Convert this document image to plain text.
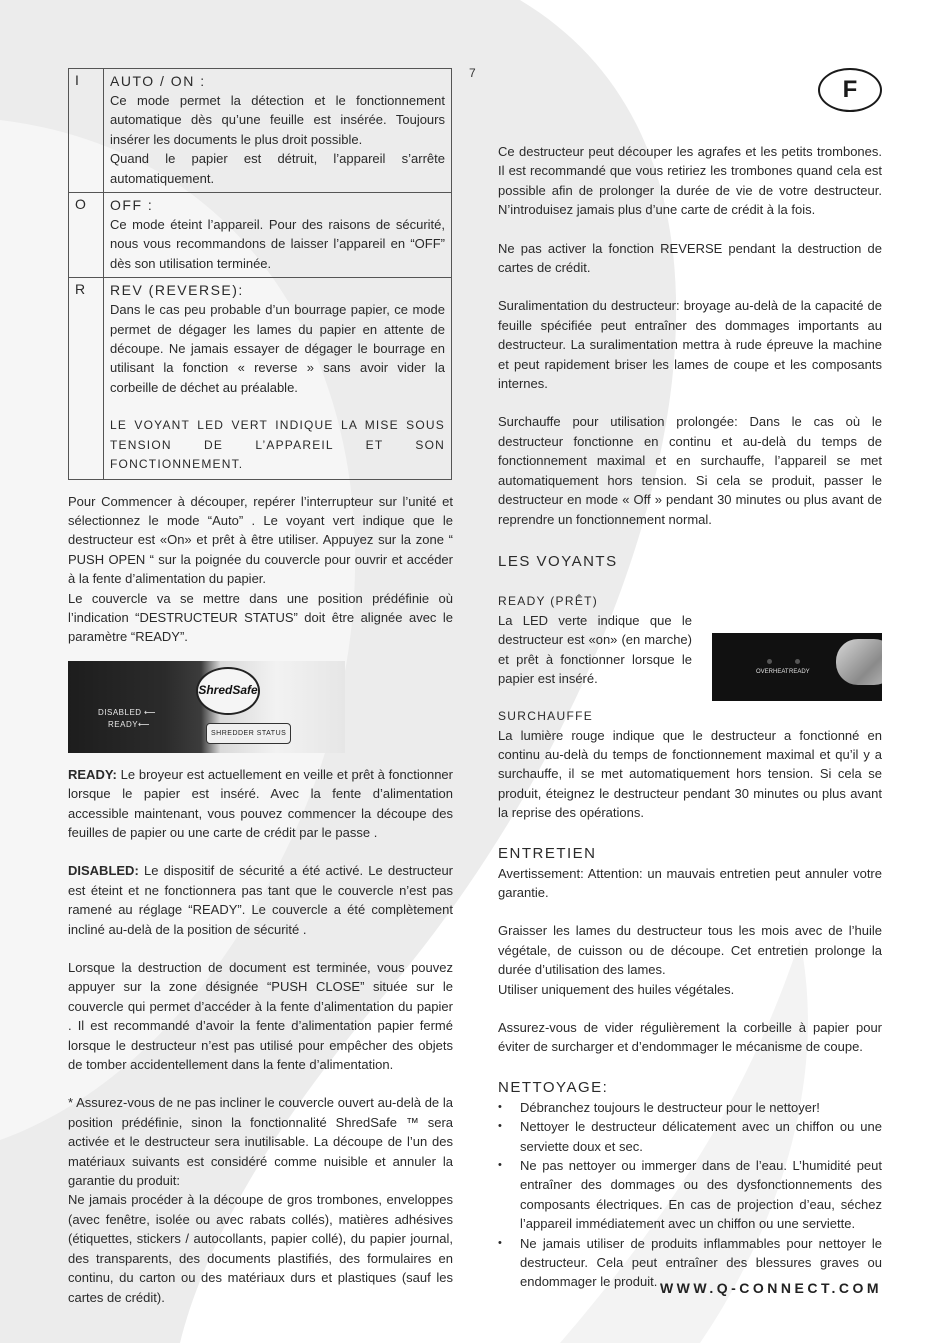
7
F
I	AUTO / ON :

Ce mode permet la détection et le fonctionnement automatique dès qu’une feuille est insérée. Toujours insérer les documents le plus droit possible.

Quand le papier est détruit, l’appareil s’arrête automatiquement.

O	OFF :

Ce mode éteint l’appareil. Pour des raisons de sécurité, nous vous recommandons de laisser l’appareil en “OFF” dès son utilisation terminée.

R	REV (REVERSE):

Dans le cas peu probable d’un bourrage papier, ce mode permet de dégager les lames du papier en attente de découpe. Ne jamais essayer de dégager le bourrage en utilisant la fonction « reverse » sans avoir vider la corbeille de déchet au préalable.

LE VOYANT LED VERT INDIQUE LA MISE SOUS TENSION DE L’APPAREIL ET SON FONCTIONNEMENT.

Pour Commencer à découper, repérer l’interrupteur sur l’unité et sélectionnez le mode “Auto” . Le voyant vert indique que le destructeur est «On» et prêt à être utiliser. Appuyez sur la zone “ PUSH OPEN “ sur la poignée du couvercle pour ouvrir et accéder à la fente d’alimentation du papier.

Le couvercle va se mettre dans une position prédéfinie où l’indication “DESTRUCTEUR STATUS” doit être alignée avec le paramètre “READY”.

DISABLED ⟵
READY ⟵
ShredSafe
SHREDDER STATUS

READY: Le broyeur est actuellement en veille et prêt à fonctionner lorsque le papier est inséré. Avec la fente d’alimentation accessible maintenant, vous pouvez commencer la découpe des feuilles de papier ou une carte de crédit par le passe .

DISABLED: Le dispositif de sécurité a été activé. Le destructeur est éteint et ne fonctionnera pas tant que le couvercle n’est pas ramené au réglage “READY”. Le couvercle a été complètement incliné au-delà de la position de sécurité .

Lorsque la destruction de document est terminée, vous pouvez appuyer sur la zone désignée “PUSH CLOSE” située sur le couvercle qui permet d’accéder à la fente d’alimentation du papier . Il est recommandé d’avoir la fente d’alimentation papier fermé lorsque le destructeur n’est pas utilisé pour empêcher des objets de tomber accidentellement dans la fente d’alimentation.

* Assurez-vous de ne pas incliner le couvercle ouvert au-delà de la position prédéfinie, sinon la fonctionnalité ShredSafe ™ sera activée et le destructeur sera inutilisable. La découpe de l’un des matériaux suivants est considéré comme nuisible et annuler la garantie du produit:

Ne jamais procéder à la découpe de gros trombones, enveloppes (avec fenêtre, isolée ou avec rabats collés), matières adhésives (étiquettes, stickers / autocollants, papier collé), du papier journal, des transparents, des documents plastifiés, des formulaires en continu, du carton ou des matériaux durs et plastiques (sauf les cartes de crédit).

Ce destructeur peut découper les agrafes et les petits trombones. Il est recommandé que vous retiriez les trombones quand cela est possible afin de prolonger la durée de vie de votre destructeur. N’introduisez jamais plus d’une carte de crédit à la fois.

Ne pas activer la fonction REVERSE pendant la destruction de cartes de crédit.

Suralimentation du destructeur: broyage au-delà de la capacité de feuille spécifiée peut entraîner des dommages importants au destructeur. La suralimentation mettra à rude épreuve la machine et peut rapidement briser les lames de coupe et les composants internes.

Surchauffe pour utilisation prolongée: Dans le cas où le destructeur fonctionne en continu et au-delà du temps de fonctionnement maximal et en surchauffe, l’appareil se met automatiquement hors tension. Si cela se produit, passer le destructeur en mode « Off » pendant 30 minutes ou plus avant de reprendre un fonctionnement normal.

LES VOYANTS
READY (PRÊT)

La LED verte indique que le destructeur est «on» (en marche) et prêt à fonctionner lorsque le papier est inséré.

SURCHAUFFE

La lumière rouge indique que le destructeur a fonctionné en continu au-delà du temps de fonctionnement maximal et qu’il y a surchauffe, il se met automatiquement hors tension. Si cela se produit, éteignez le destructeur pendant 30 minutes ou plus avant la reprise des opérations.

ENTRETIEN

Avertissement: Attention: un mauvais entretien peut annuler votre garantie.

Graisser les lames du destructeur tous les mois avec de l’huile végétale, de cuisson ou de découpe. Cet entretien prolonge la durée d’utilisation des lames.

Utiliser uniquement des huiles végétales.

Assurez-vous de vider régulièrement la corbeille à papier pour éviter de surcharger et d’endommager le mécanisme de coupe.

NETTOYAGE:
• Débranchez toujours le destructeur pour le nettoyer!
• Nettoyer le destructeur délicatement avec un chiffon ou une serviette doux et sec.
• Ne pas nettoyer ou immerger dans de l’eau. L’humidité peut entraîner des dommages ou des dysfonctionnements des composants électriques. En cas de projection d’eau, séchez l’appareil immédiatement avec un chiffon ou une serviette.
• Ne jamais utiliser de produits inflammables pour nettoyer le destructeur. Cela peut entraîner des blessures graves ou endommager le produit.
OVERHEAT READY
WWW.Q-CONNECT.COM
